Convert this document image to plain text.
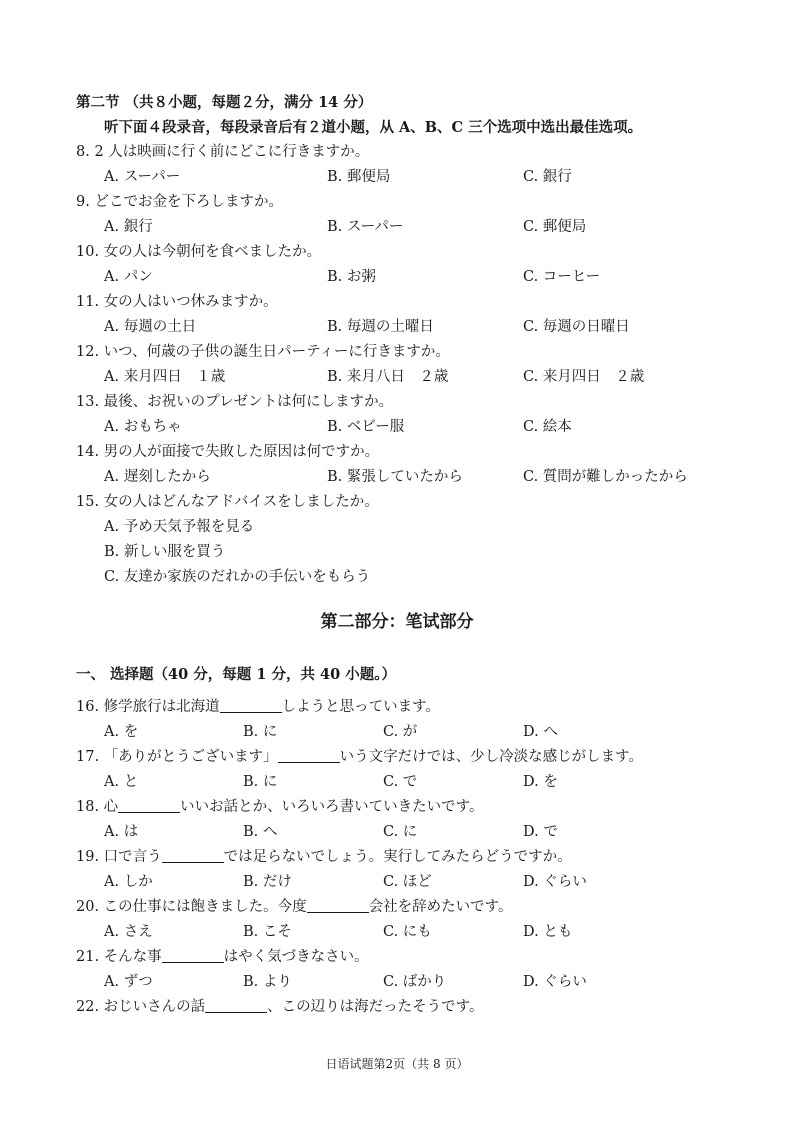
第二节 （共８小题，每题２分，满分 14 分）
听下面４段录音，每段录音后有２道小题，从 A、B、C 三个选项中选出最佳选项。
8. 2 人は映画に行く前にどこに行きますか。
A. スーパー	B. 郵便局	C. 銀行
9. どこでお金を下ろしますか。
A. 銀行	B. スーパー	C. 郵便局
10. 女の人は今朝何を食べましたか。
A. パン	B. お粥	C. コーヒー
11. 女の人はいつ休みますか。
A. 毎週の土日	B. 毎週の土曜日	C. 毎週の日曜日
12. いつ、何歳の子供の誕生日パーティーに行きますか。
A. 来月四日　１歳	B. 来月八日　２歳	C. 来月四日　２歳
13. 最後、お祝いのプレゼントは何にしますか。
A. おもちゃ	B. ベビー服	C. 絵本
14. 男の人が面接で失敗した原因は何ですか。
A. 遅刻したから	B. 緊張していたから	C. 質問が難しかったから
15. 女の人はどんなアドバイスをしましたか。
A. 予め天気予報を見る
B. 新しい服を買う
C. 友達か家族のだれかの手伝いをもらう
第二部分：笔试部分
一、 选择题（40 分，每题 1 分，共 40 小题。）
16. 修学旅行は北海道	しようと思っています。
A. を	B. に	C. が	D. へ
17. 「ありがとうございます」	いう文字だけでは、少し冷淡な感じがします。
A. と	B. に	C. で	D. を
18. 心	いいお話とか、いろいろ書いていきたいです。
A. は	B. へ	C. に	D. で
19. 口で言う	では足らないでしょう。実行してみたらどうですか。
A. しか	B. だけ	C. ほど	D. ぐらい
20. この仕事には飽きました。今度	会社を辞めたいです。
A. さえ	B. こそ	C. にも	D. とも
21. そんな事	はやく気づきなさい。
A. ずつ	B. より	C. ばかり	D. ぐらい
22. おじいさんの話	、この辺りは海だったそうです。
日语试题第2页（共 8 页）
